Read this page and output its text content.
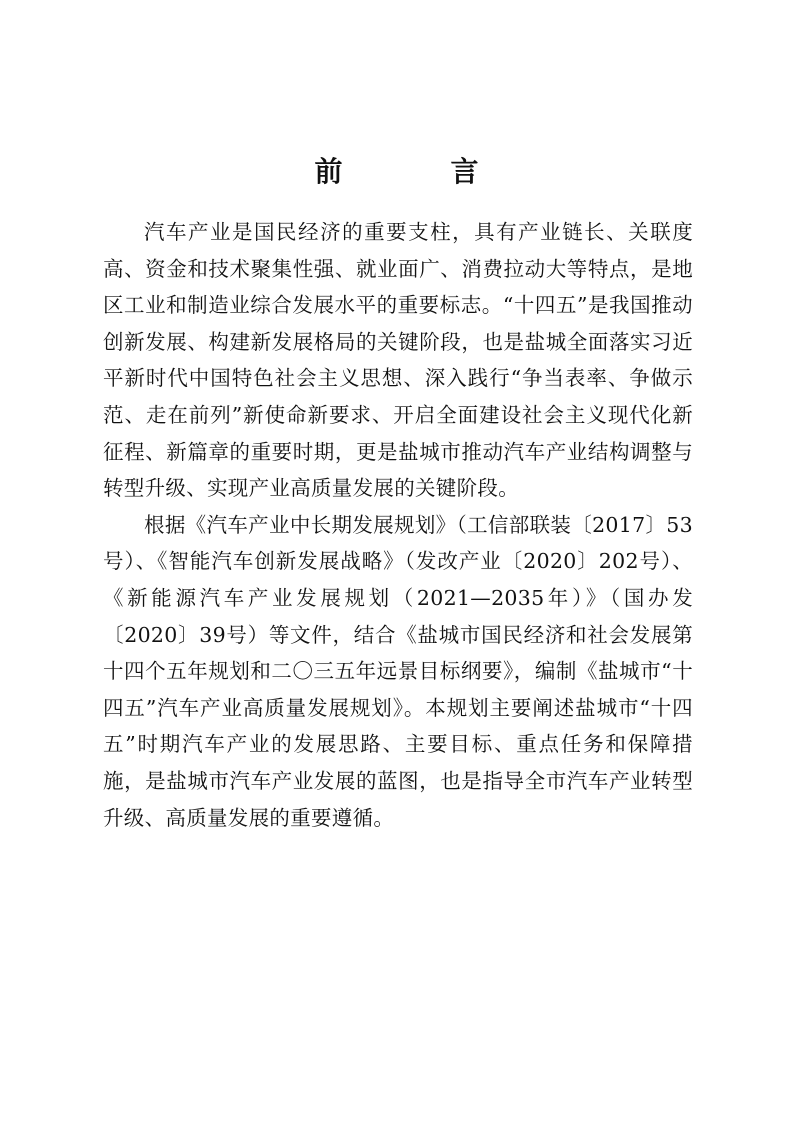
前　言

汽车产业是国民经济的重要支柱，具有产业链长、关联度高、资金和技术聚集性强、就业面广、消费拉动大等特点，是地区工业和制造业综合发展水平的重要标志。“十四五”是我国推动创新发展、构建新发展格局的关键阶段，也是盐城全面落实习近平新时代中国特色社会主义思想、深入践行“争当表率、争做示范、走在前列”新使命新要求、开启全面建设社会主义现代化新征程、新篇章的重要时期，更是盐城市推动汽车产业结构调整与转型升级、实现产业高质量发展的关键阶段。

根据《汽车产业中长期发展规划》（工信部联装〔2017〕53号）、《智能汽车创新发展战略》（发改产业〔2020〕202号）、《新能源汽车产业发展规划（2021—2035年）》（国办发〔2020〕39号）等文件，结合《盐城市国民经济和社会发展第十四个五年规划和二〇三五年远景目标纲要》，编制《盐城市“十四五”汽车产业高质量发展规划》。本规划主要阐述盐城市“十四五”时期汽车产业的发展思路、主要目标、重点任务和保障措施，是盐城市汽车产业发展的蓝图，也是指导全市汽车产业转型升级、高质量发展的重要遵循。
